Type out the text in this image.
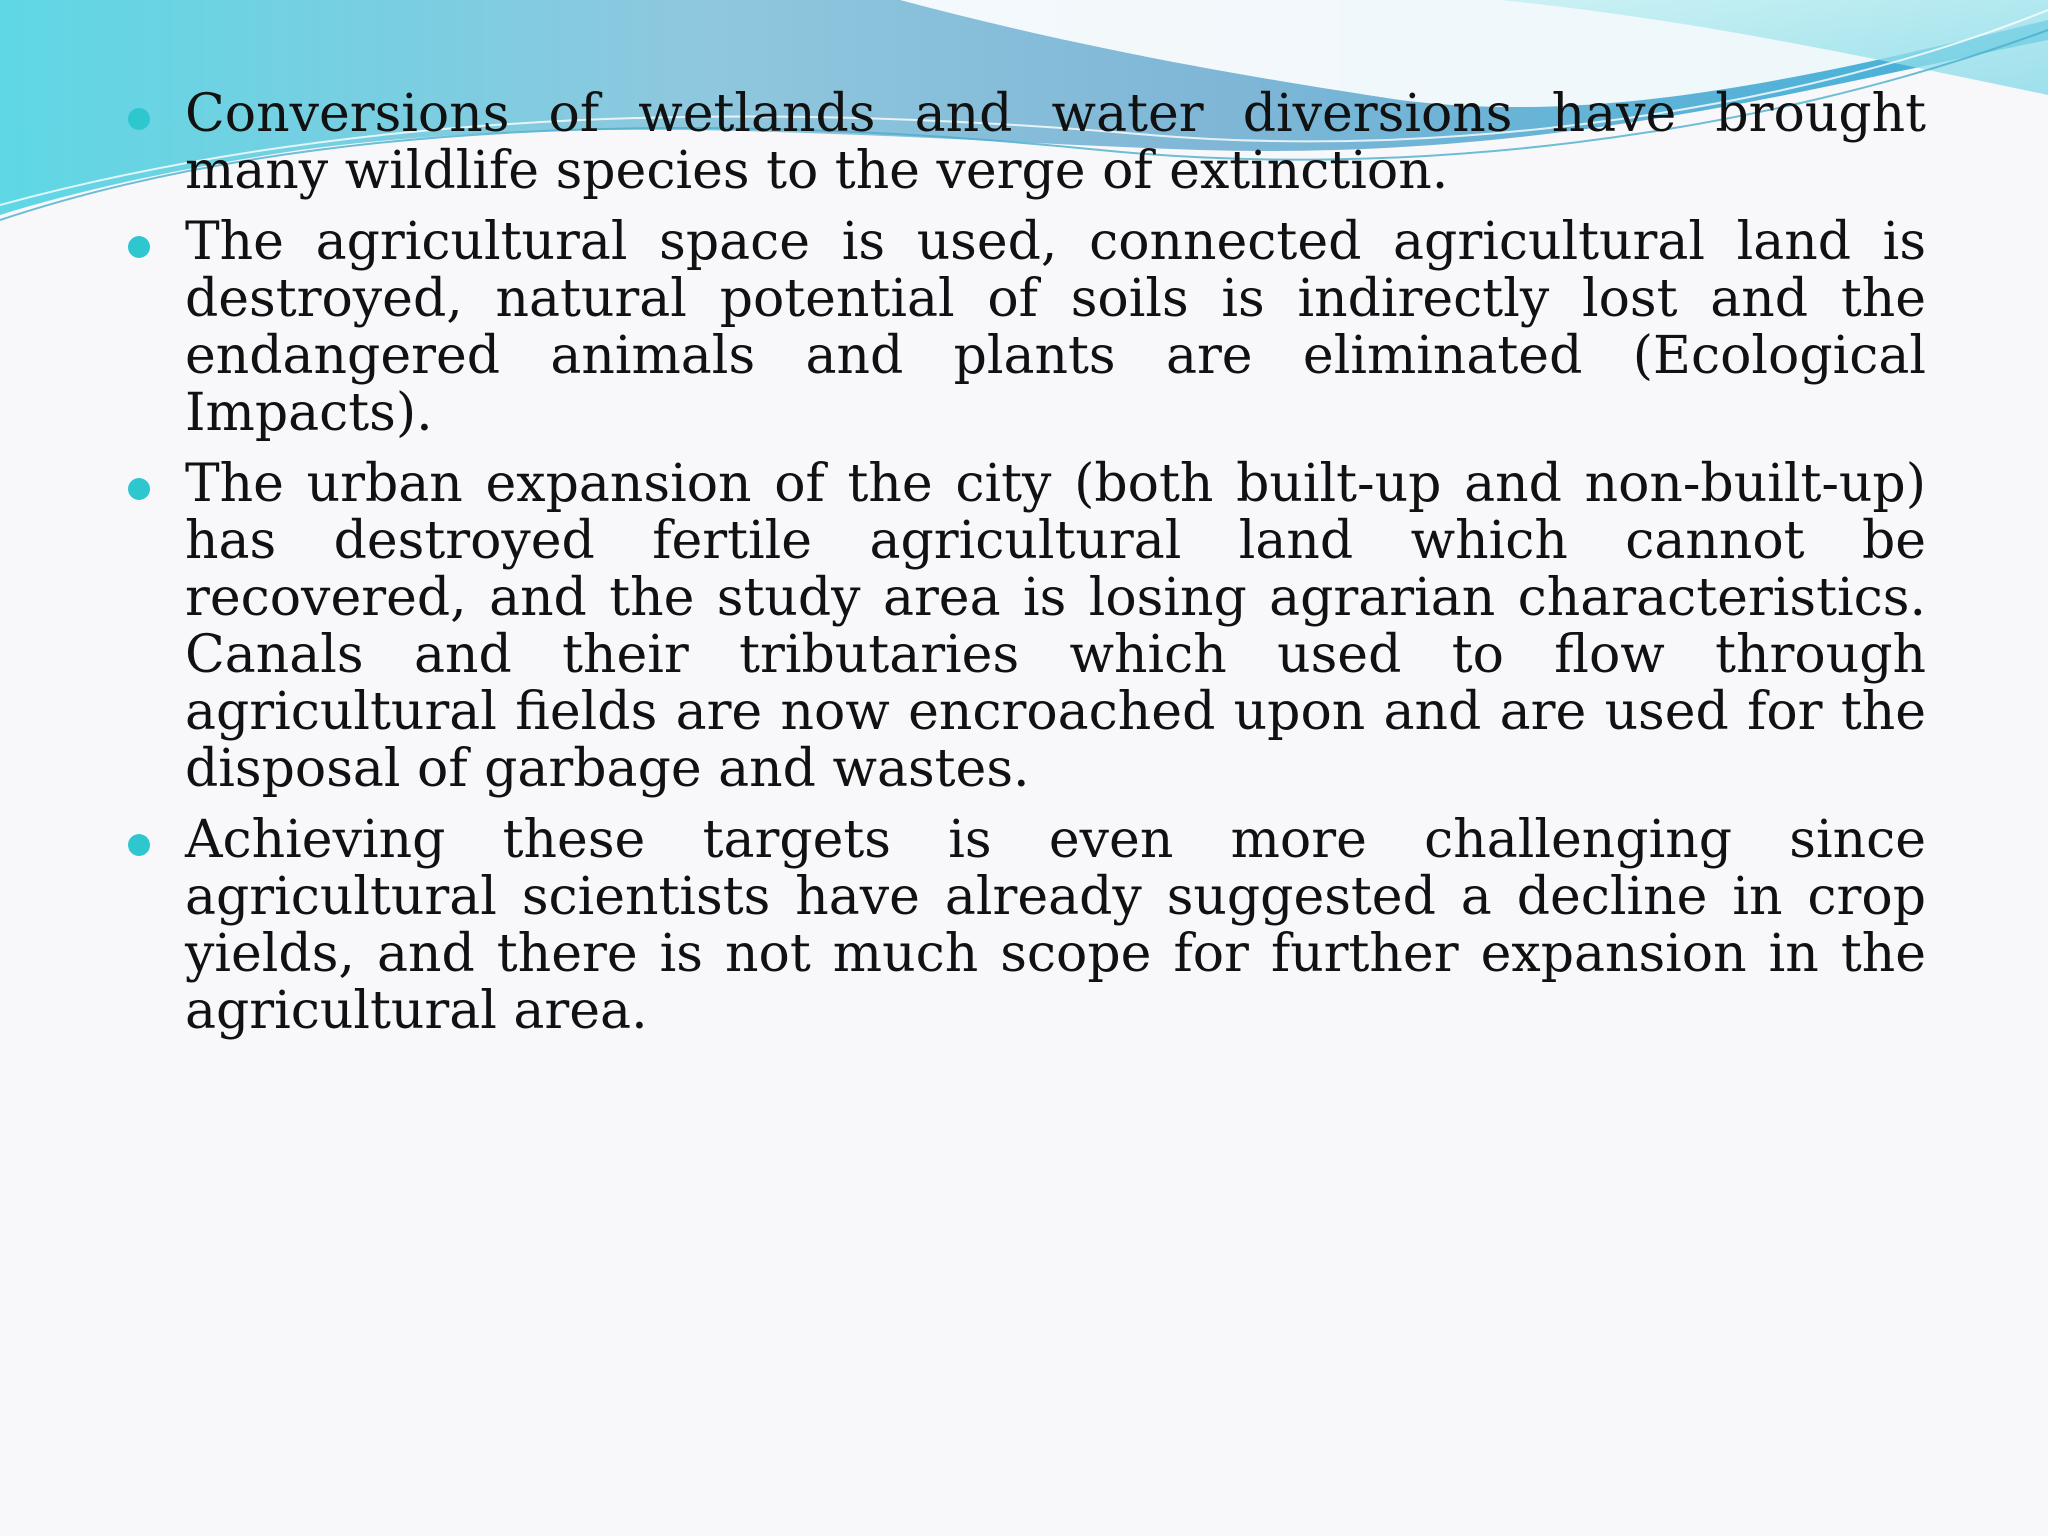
Conversions of wetlands and water diversions have brought many wildlife species to the verge of extinction.
The agricultural space is used, connected agricultural land is destroyed, natural potential of soils is indirectly lost and the endangered animals and plants are eliminated (Ecological Impacts).
The urban expansion of the city (both built-up and non-built-up) has destroyed fertile agricultural land which cannot be recovered, and the study area is losing agrarian characteristics. Canals and their tributaries which used to flow through agricultural fields are now encroached upon and are used for the disposal of garbage and wastes.
Achieving these targets is even more challenging since agricultural scientists have already suggested a decline in crop yields, and there is not much scope for further expansion in the agricultural area.
